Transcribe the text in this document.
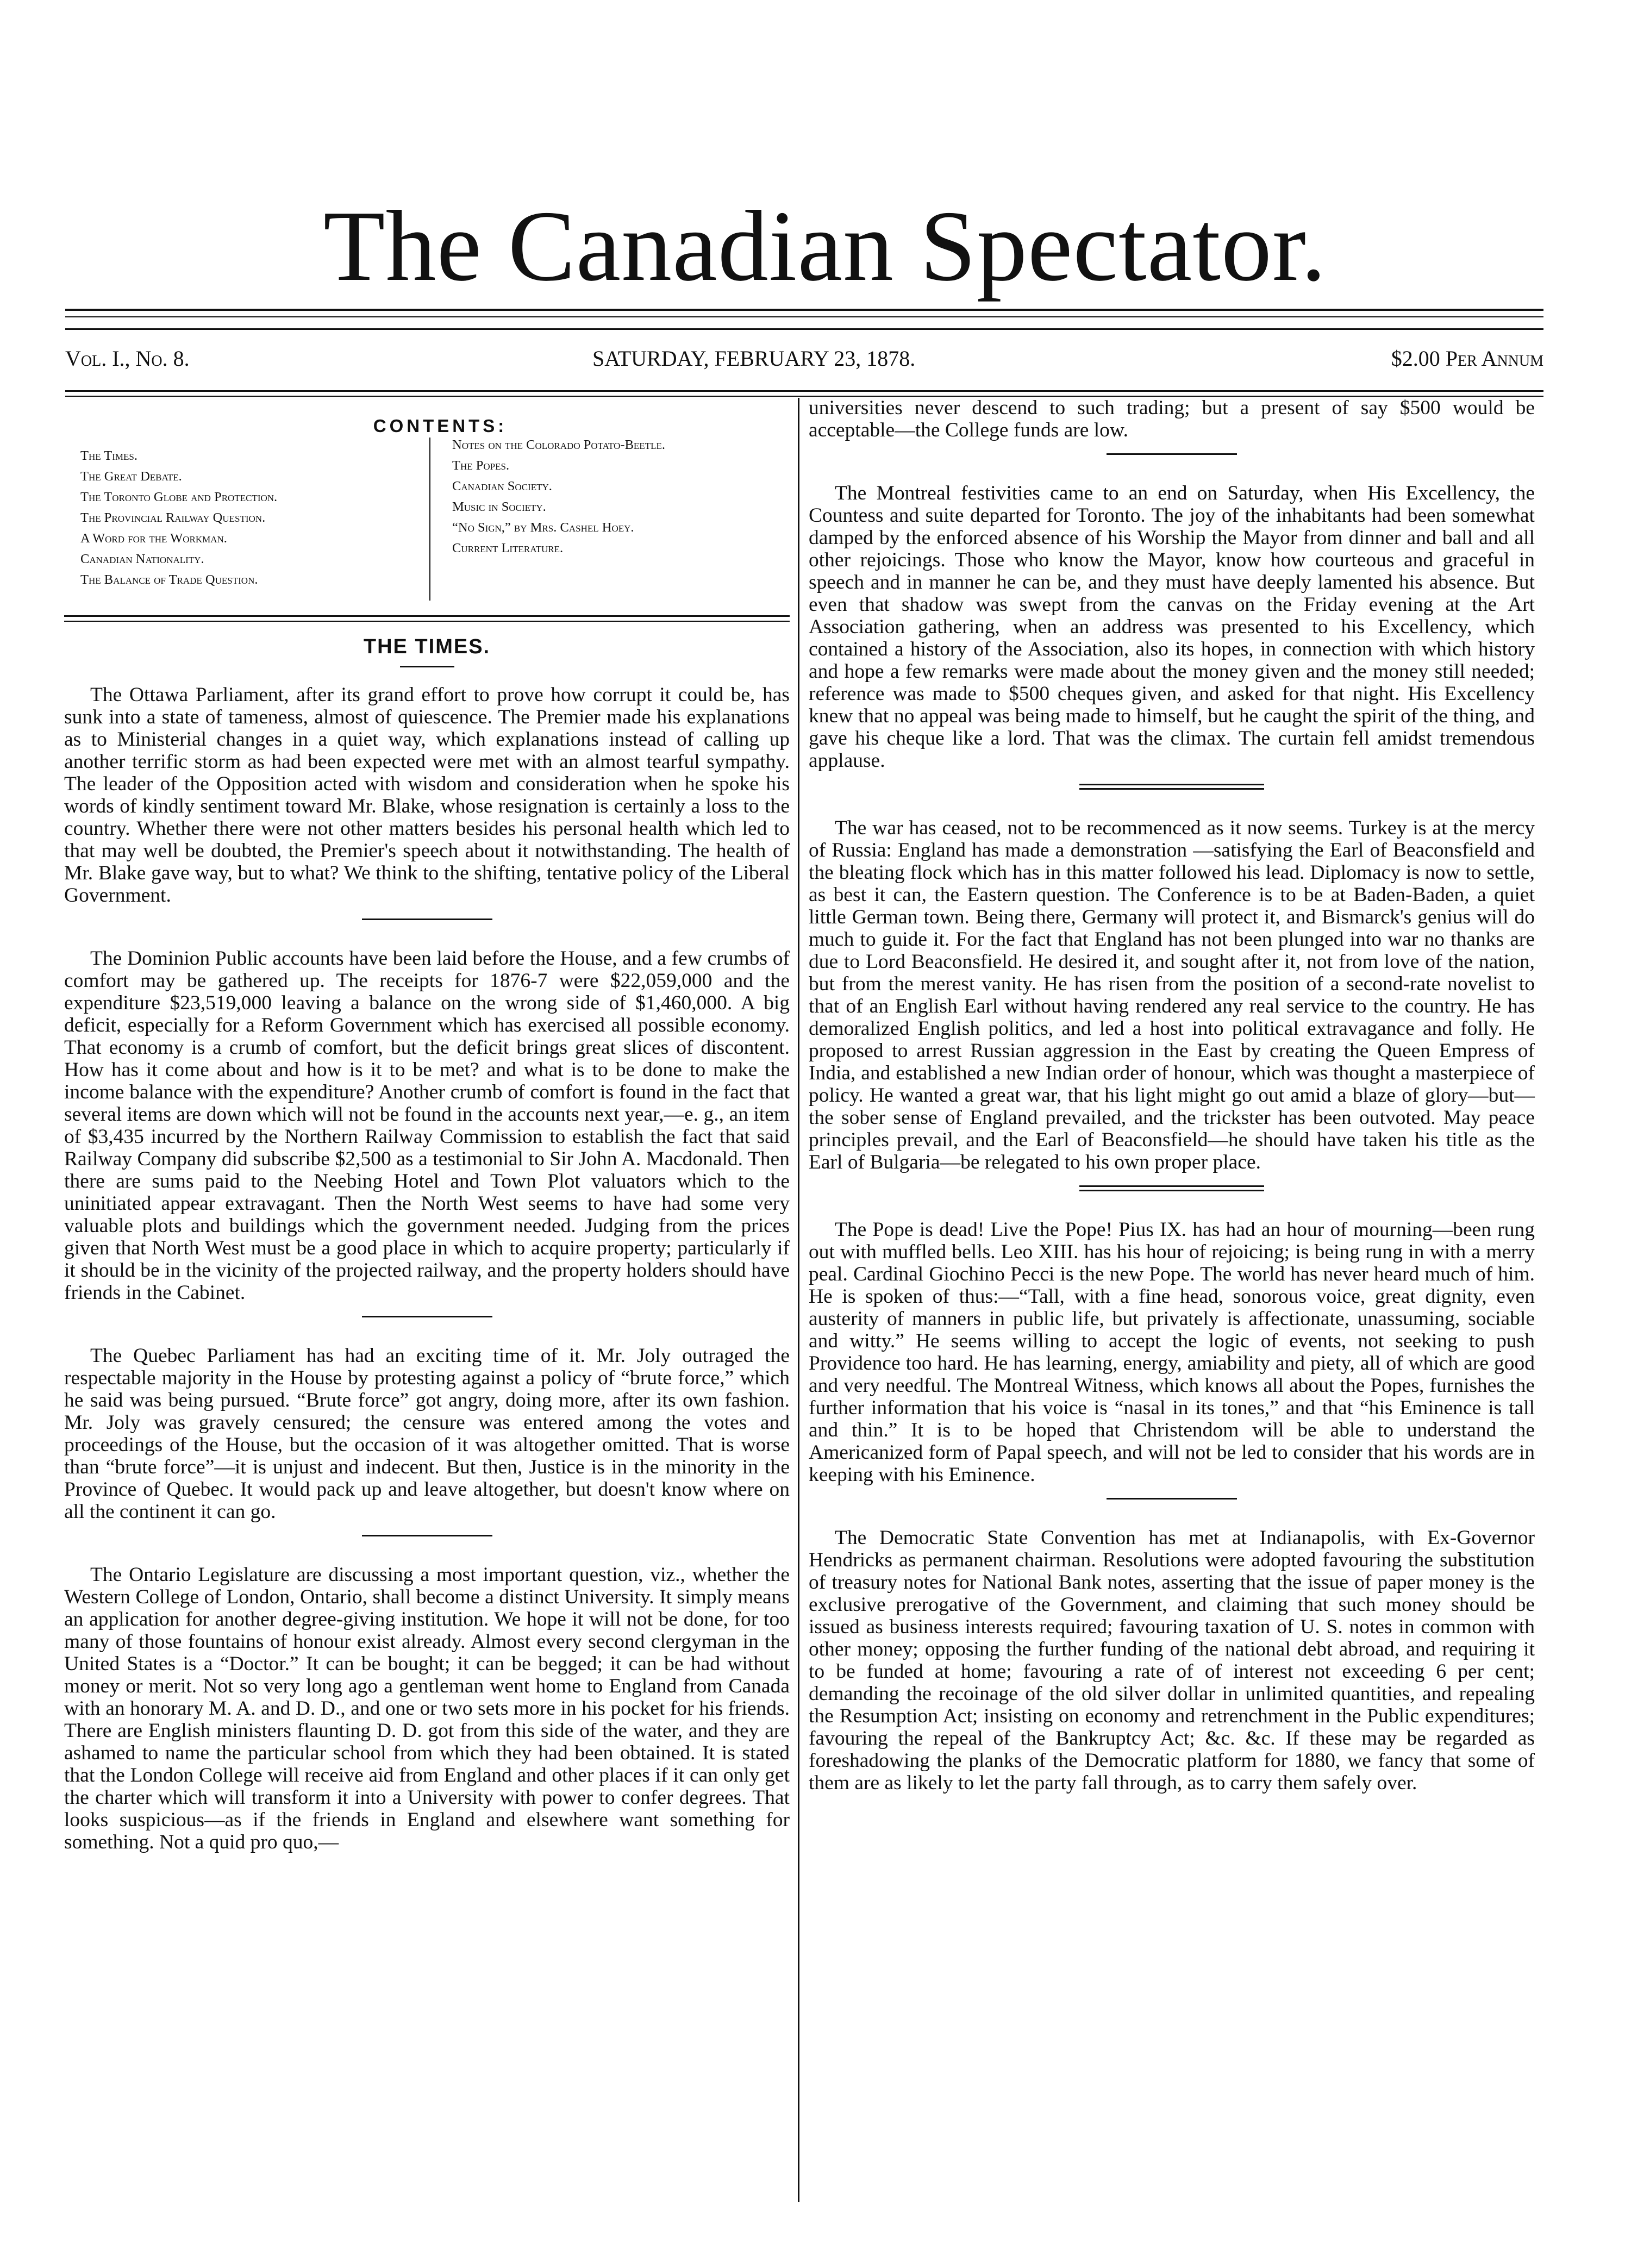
The Canadian Spectator.
Vol. I., No. 8.	SATURDAY, FEBRUARY 23, 1878.	$2.00 Per Annum
CONTENTS:
The Times.
The Great Debate.
The Toronto Globe and Protection.
The Provincial Railway Question.
A Word for the Workman.
Canadian Nationality.
The Balance of Trade Question.
Notes on the Colorado Potato-Beetle.
The Popes.
Canadian Society.
Music in Society.
“No Sign,” by Mrs. Cashel Hoey.
Current Literature.
THE TIMES.

The Ottawa Parliament, after its grand effort to prove how corrupt it could be, has sunk into a state of tameness, almost of quiescence. The Premier made his explanations as to Ministerial changes in a quiet way, which explanations instead of calling up another terrific storm as had been expected were met with an almost tearful sympathy. The leader of the Opposition acted with wisdom and consideration when he spoke his words of kindly sentiment toward Mr. Blake, whose resignation is certainly a loss to the country. Whether there were not other matters besides his personal health which led to that may well be doubted, the Premier's speech about it notwithstanding. The health of Mr. Blake gave way, but to what? We think to the shifting, tentative policy of the Liberal Government.

The Dominion Public accounts have been laid before the House, and a few crumbs of comfort may be gathered up. The receipts for 1876-7 were $22,059,000 and the expenditure $23,519,000 leaving a balance on the wrong side of $1,460,000. A big deficit, especially for a Reform Government which has exercised all possible economy. That economy is a crumb of comfort, but the deficit brings great slices of discontent. How has it come about and how is it to be met? and what is to be done to make the income balance with the expenditure? Another crumb of comfort is found in the fact that several items are down which will not be found in the accounts next year,—e. g., an item of $3,435 incurred by the Northern Railway Commission to establish the fact that said Railway Company did subscribe $2,500 as a testimonial to Sir John A. Macdonald. Then there are sums paid to the Neebing Hotel and Town Plot valuators which to the uninitiated appear extravagant. Then the North West seems to have had some very valuable plots and buildings which the government needed. Judging from the prices given that North West must be a good place in which to acquire property; particularly if it should be in the vicinity of the projected railway, and the property holders should have friends in the Cabinet.

The Quebec Parliament has had an exciting time of it. Mr. Joly outraged the respectable majority in the House by protesting against a policy of “brute force,” which he said was being pursued. “Brute force” got angry, doing more, after its own fashion. Mr. Joly was gravely censured; the censure was entered among the votes and proceedings of the House, but the occasion of it was altogether omitted. That is worse than “brute force”—it is unjust and indecent. But then, Justice is in the minority in the Province of Quebec. It would pack up and leave altogether, but doesn't know where on all the continent it can go.

The Ontario Legislature are discussing a most important question, viz., whether the Western College of London, Ontario, shall become a distinct University. It simply means an application for another degree-giving institution. We hope it will not be done, for too many of those fountains of honour exist already. Almost every second clergyman in the United States is a “Doctor.” It can be bought; it can be begged; it can be had without money or merit. Not so very long ago a gentleman went home to England from Canada with an honorary M. A. and D. D., and one or two sets more in his pocket for his friends. There are English ministers flaunting D. D. got from this side of the water, and they are ashamed to name the particular school from which they had been obtained. It is stated that the London College will receive aid from England and other places if it can only get the charter which will transform it into a University with power to confer degrees. That looks suspicious—as if the friends in England and elsewhere want something for something. Not a quid pro quo,—

universities never descend to such trading; but a present of say $500 would be acceptable—the College funds are low.

The Montreal festivities came to an end on Saturday, when His Excellency, the Countess and suite departed for Toronto. The joy of the inhabitants had been somewhat damped by the enforced absence of his Worship the Mayor from dinner and ball and all other rejoicings. Those who know the Mayor, know how courteous and graceful in speech and in manner he can be, and they must have deeply lamented his absence. But even that shadow was swept from the canvas on the Friday evening at the Art Association gathering, when an address was presented to his Excellency, which contained a history of the Association, also its hopes, in connection with which history and hope a few remarks were made about the money given and the money still needed; reference was made to $500 cheques given, and asked for that night. His Excellency knew that no appeal was being made to himself, but he caught the spirit of the thing, and gave his cheque like a lord. That was the climax. The curtain fell amidst tremendous applause.

The war has ceased, not to be recommenced as it now seems. Turkey is at the mercy of Russia: England has made a demonstration —satisfying the Earl of Beaconsfield and the bleating flock which has in this matter followed his lead. Diplomacy is now to settle, as best it can, the Eastern question. The Conference is to be at Baden-Baden, a quiet little German town. Being there, Germany will protect it, and Bismarck's genius will do much to guide it. For the fact that England has not been plunged into war no thanks are due to Lord Beaconsfield. He desired it, and sought after it, not from love of the nation, but from the merest vanity. He has risen from the position of a second-rate novelist to that of an English Earl without having rendered any real service to the country. He has demoralized English politics, and led a host into political extravagance and folly. He proposed to arrest Russian aggression in the East by creating the Queen Empress of India, and established a new Indian order of honour, which was thought a masterpiece of policy. He wanted a great war, that his light might go out amid a blaze of glory—but—the sober sense of England prevailed, and the trickster has been outvoted. May peace principles prevail, and the Earl of Beaconsfield—he should have taken his title as the Earl of Bulgaria—be relegated to his own proper place.

The Pope is dead! Live the Pope! Pius IX. has had an hour of mourning—been rung out with muffled bells. Leo XIII. has his hour of rejoicing; is being rung in with a merry peal. Cardinal Giochino Pecci is the new Pope. The world has never heard much of him. He is spoken of thus:—“Tall, with a fine head, sonorous voice, great dignity, even austerity of manners in public life, but privately is affectionate, unassuming, sociable and witty.” He seems willing to accept the logic of events, not seeking to push Providence too hard. He has learning, energy, amiability and piety, all of which are good and very needful. The Montreal Witness, which knows all about the Popes, furnishes the further information that his voice is “nasal in its tones,” and that “his Eminence is tall and thin.” It is to be hoped that Christendom will be able to understand the Americanized form of Papal speech, and will not be led to consider that his words are in keeping with his Eminence.

The Democratic State Convention has met at Indianapolis, with Ex-Governor Hendricks as permanent chairman. Resolutions were adopted favouring the substitution of treasury notes for National Bank notes, asserting that the issue of paper money is the exclusive prerogative of the Government, and claiming that such money should be issued as business interests required; favouring taxation of U. S. notes in common with other money; opposing the further funding of the national debt abroad, and requiring it to be funded at home; favouring a rate of of interest not exceeding 6 per cent; demanding the recoinage of the old silver dollar in unlimited quantities, and repealing the Resumption Act; insisting on economy and retrenchment in the Public expenditures; favouring the repeal of the Bankruptcy Act; &c. &c. If these may be regarded as foreshadowing the planks of the Democratic platform for 1880, we fancy that some of them are as likely to let the party fall through, as to carry them safely over.
